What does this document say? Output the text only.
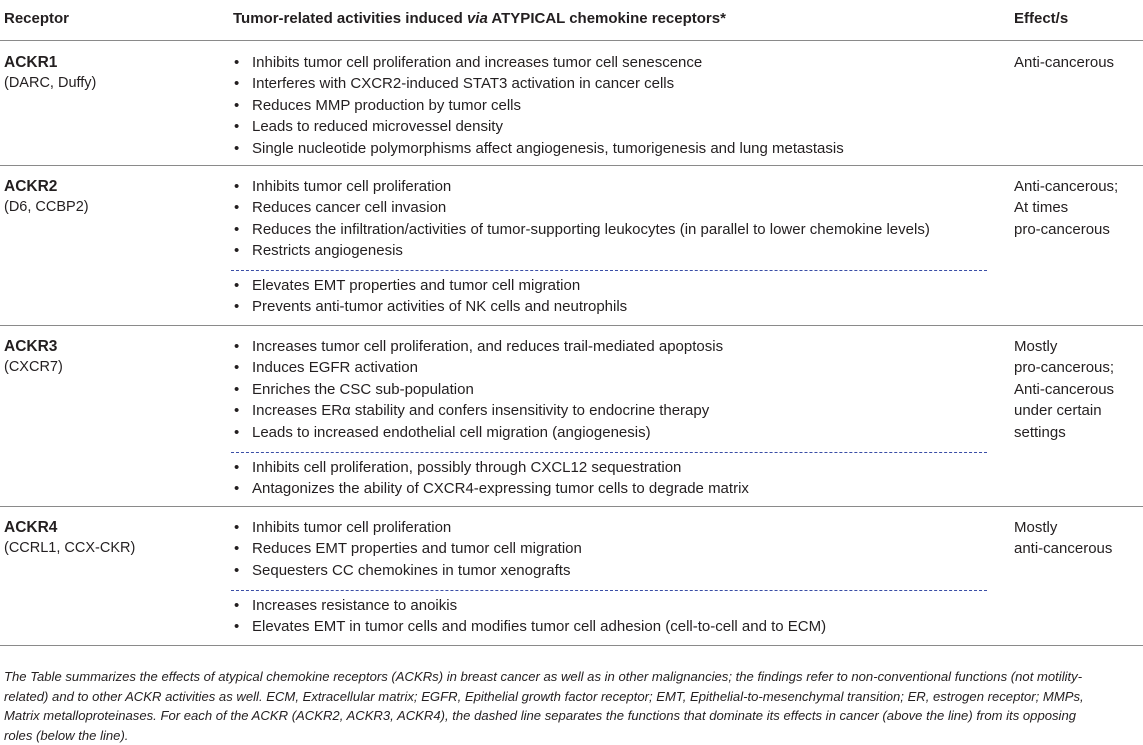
Receptor	Tumor-related activities induced via ATYPICAL chemokine receptors*	Effect/s
ACKR1
(DARC, Duffy)
• Inhibits tumor cell proliferation and increases tumor cell senescence
• Interferes with CXCR2-induced STAT3 activation in cancer cells
• Reduces MMP production by tumor cells
• Leads to reduced microvessel density
• Single nucleotide polymorphisms affect angiogenesis, tumorigenesis and lung metastasis
Anti-cancerous
ACKR2
(D6, CCBP2)
• Inhibits tumor cell proliferation
• Reduces cancer cell invasion
• Reduces the infiltration/activities of tumor-supporting leukocytes (in parallel to lower chemokine levels)
• Restricts angiogenesis
• Elevates EMT properties and tumor cell migration
• Prevents anti-tumor activities of NK cells and neutrophils
Anti-cancerous;
At times
pro-cancerous
ACKR3
(CXCR7)
• Increases tumor cell proliferation, and reduces trail-mediated apoptosis
• Induces EGFR activation
• Enriches the CSC sub-population
• Increases ERα stability and confers insensitivity to endocrine therapy
• Leads to increased endothelial cell migration (angiogenesis)
• Inhibits cell proliferation, possibly through CXCL12 sequestration
• Antagonizes the ability of CXCR4-expressing tumor cells to degrade matrix
Mostly
pro-cancerous;
Anti-cancerous
under certain
settings
ACKR4
(CCRL1, CCX-CKR)
• Inhibits tumor cell proliferation
• Reduces EMT properties and tumor cell migration
• Sequesters CC chemokines in tumor xenografts
• Increases resistance to anoikis
• Elevates EMT in tumor cells and modifies tumor cell adhesion (cell-to-cell and to ECM)
Mostly
anti-cancerous
The Table summarizes the effects of atypical chemokine receptors (ACKRs) in breast cancer as well as in other malignancies; the findings refer to non-conventional functions (not motility-
related) and to other ACKR activities as well. ECM, Extracellular matrix; EGFR, Epithelial growth factor receptor; EMT, Epithelial-to-mesenchymal transition; ER, estrogen receptor; MMPs,
Matrix metalloproteinases. For each of the ACKR (ACKR2, ACKR3, ACKR4), the dashed line separates the functions that dominate its effects in cancer (above the line) from its opposing
roles (below the line).
